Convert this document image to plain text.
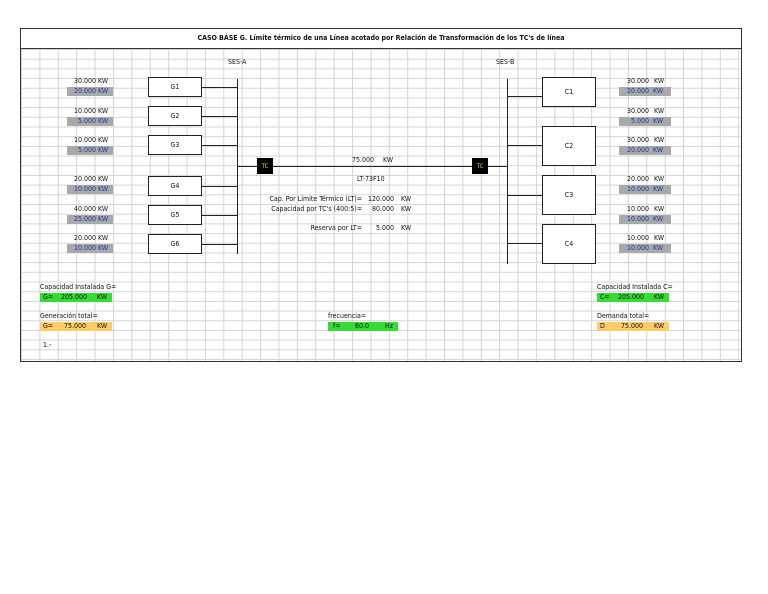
CASO BÁSE G. Límite térmico de una Línea acotado por Relación de Transformación de los TC's de línea
SES-A	SES-B
30.000 KW
20.000 KW	G1
10.000 KW
5.000 KW
G2
10.000 KW
5.000 KW
G3
20.000 KW
10.000 KW	G4
40.000 KW
25.000 KW	G5
20.000 KW
10.000 KW	G6
TC	TC
75.000 KW
LT-73F10
Cap. Por Límite Térmico (LT)= 120.000 KW
Capacidad por TC's (400:5)=	80.000 KW
Reserva por LT=	5.000 KW
C1
30.000 KW
20.000 KW
C2
30.000 KW
5.000 KW
30.000 KW
20.000 KW
C3
20.000 KW
10.000 KW
10.000 KW
10.000 KW
C4
10.000 KW
10.000 KW
Capacidad Instalada G=
G= 205.000 KW
Generación total=
G= 75.000 KW
1.-
frecuencia=
f= 60.0 Hz
Capacidad Instalada C=
C= 205.000 KW
Demanda total=
D 75.000 KW
